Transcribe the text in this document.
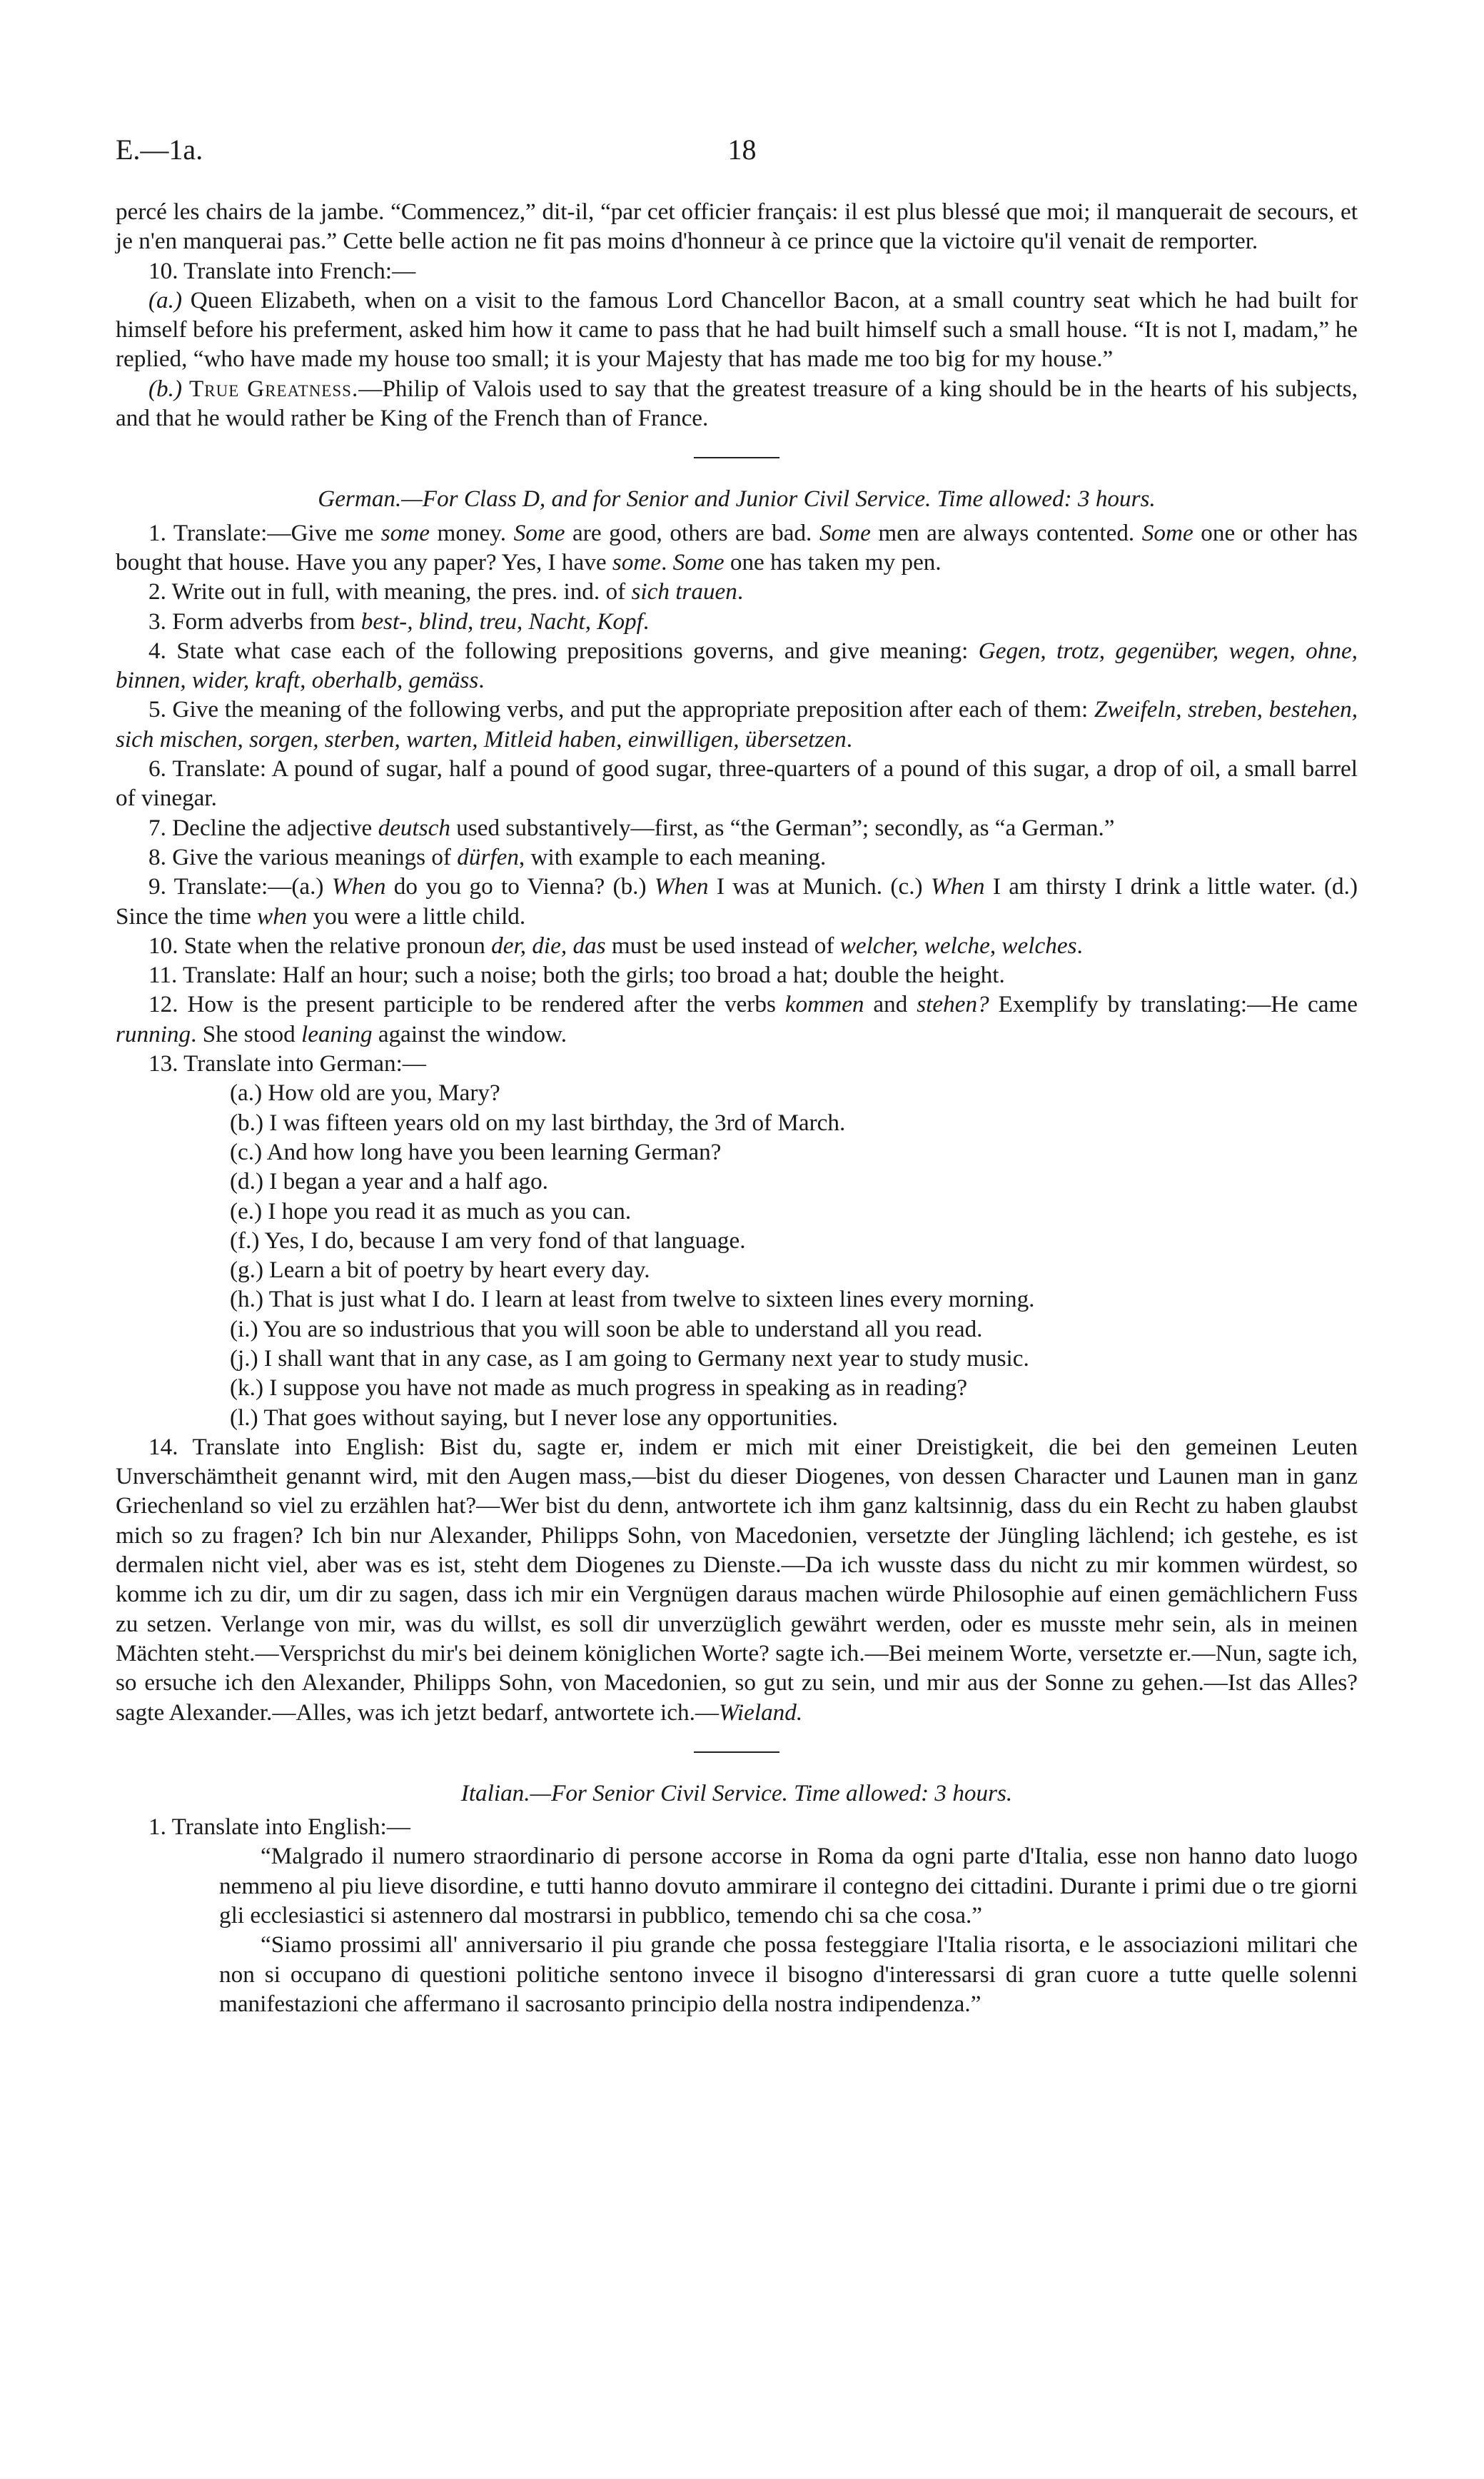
E.—1a.	18

percé les chairs de la jambe. “Commencez,” dit-il, “par cet officier français: il est plus blessé que moi; il manquerait de secours, et je n'en manquerai pas.” Cette belle action ne fit pas moins d'honneur à ce prince que la victoire qu'il venait de remporter.

10. Translate into French:—

(a.) Queen Elizabeth, when on a visit to the famous Lord Chancellor Bacon, at a small country seat which he had built for himself before his preferment, asked him how it came to pass that he had built himself such a small house. “It is not I, madam,” he replied, “who have made my house too small; it is your Majesty that has made me too big for my house.”

(b.) True Greatness.—Philip of Valois used to say that the greatest treasure of a king should be in the hearts of his subjects, and that he would rather be King of the French than of France.

German.—For Class D, and for Senior and Junior Civil Service. Time allowed: 3 hours.

1. Translate:—Give me some money. Some are good, others are bad. Some men are always contented. Some one or other has bought that house. Have you any paper? Yes, I have some. Some one has taken my pen.

2. Write out in full, with meaning, the pres. ind. of sich trauen.

3. Form adverbs from best-, blind, treu, Nacht, Kopf.

4. State what case each of the following prepositions governs, and give meaning: Gegen, trotz, gegenüber, wegen, ohne, binnen, wider, kraft, oberhalb, gemäss.

5. Give the meaning of the following verbs, and put the appropriate preposition after each of them: Zweifeln, streben, bestehen, sich mischen, sorgen, sterben, warten, Mitleid haben, einwilligen, übersetzen.

6. Translate: A pound of sugar, half a pound of good sugar, three-quarters of a pound of this sugar, a drop of oil, a small barrel of vinegar.

7. Decline the adjective deutsch used substantively—first, as “the German”; secondly, as “a German.”

8. Give the various meanings of dürfen, with example to each meaning.

9. Translate:—(a.) When do you go to Vienna? (b.) When I was at Munich. (c.) When I am thirsty I drink a little water. (d.) Since the time when you were a little child.

10. State when the relative pronoun der, die, das must be used instead of welcher, welche, welches.

11. Translate: Half an hour; such a noise; both the girls; too broad a hat; double the height.

12. How is the present participle to be rendered after the verbs kommen and stehen? Exemplify by translating:—He came running. She stood leaning against the window.

13. Translate into German:—

(a.) How old are you, Mary?

(b.) I was fifteen years old on my last birthday, the 3rd of March.

(c.) And how long have you been learning German?

(d.) I began a year and a half ago.

(e.) I hope you read it as much as you can.

(f.) Yes, I do, because I am very fond of that language.

(g.) Learn a bit of poetry by heart every day.

(h.) That is just what I do. I learn at least from twelve to sixteen lines every morning.

(i.) You are so industrious that you will soon be able to understand all you read.

(j.) I shall want that in any case, as I am going to Germany next year to study music.

(k.) I suppose you have not made as much progress in speaking as in reading?

(l.) That goes without saying, but I never lose any opportunities.

14. Translate into English: Bist du, sagte er, indem er mich mit einer Dreistigkeit, die bei den gemeinen Leuten Unverschämtheit genannt wird, mit den Augen mass,—bist du dieser Diogenes, von dessen Character und Launen man in ganz Griechenland so viel zu erzählen hat?—Wer bist du denn, antwortete ich ihm ganz kaltsinnig, dass du ein Recht zu haben glaubst mich so zu fragen? Ich bin nur Alexander, Philipps Sohn, von Macedonien, versetzte der Jüngling lächlend; ich gestehe, es ist dermalen nicht viel, aber was es ist, steht dem Diogenes zu Dienste.—Da ich wusste dass du nicht zu mir kommen würdest, so komme ich zu dir, um dir zu sagen, dass ich mir ein Vergnügen daraus machen würde Philosophie auf einen gemächlichern Fuss zu setzen. Verlange von mir, was du willst, es soll dir unverzüglich gewährt werden, oder es musste mehr sein, als in meinen Mächten steht.—Versprichst du mir's bei deinem königlichen Worte? sagte ich.—Bei meinem Worte, versetzte er.—Nun, sagte ich, so ersuche ich den Alexander, Philipps Sohn, von Macedonien, so gut zu sein, und mir aus der Sonne zu gehen.—Ist das Alles? sagte Alexander.—Alles, was ich jetzt bedarf, antwortete ich.—Wieland.

Italian.—For Senior Civil Service. Time allowed: 3 hours.

1. Translate into English:—

“Malgrado il numero straordinario di persone accorse in Roma da ogni parte d'Italia, esse non hanno dato luogo nemmeno al piu lieve disordine, e tutti hanno dovuto ammirare il contegno dei cittadini. Durante i primi due o tre giorni gli ecclesiastici si astennero dal mostrarsi in pubblico, temendo chi sa che cosa.”

“Siamo prossimi all' anniversario il piu grande che possa festeggiare l'Italia risorta, e le associazioni militari che non si occupano di questioni politiche sentono invece il bisogno d'interessarsi di gran cuore a tutte quelle solenni manifestazioni che affermano il sacrosanto principio della nostra indipendenza.”
